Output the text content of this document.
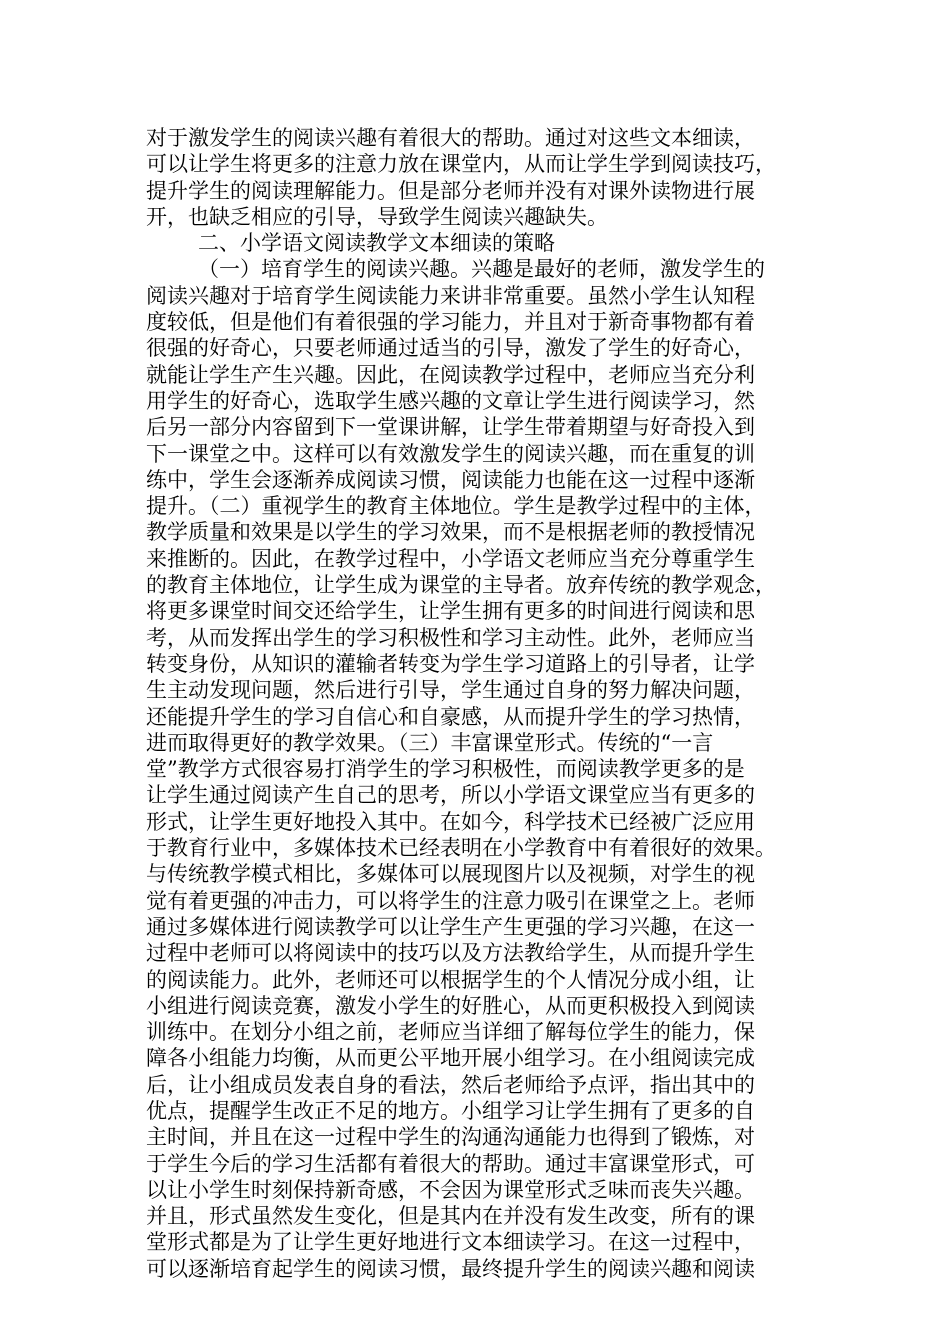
对于激发学生的阅读兴趣有着很大的帮助。通过对这些文本细读，
可以让学生将更多的注意力放在课堂内，从而让学生学到阅读技巧，
提升学生的阅读理解能力。但是部分老师并没有对课外读物进行展
开，也缺乏相应的引导，导致学生阅读兴趣缺失。
二、小学语文阅读教学文本细读的策略
（一）培育学生的阅读兴趣。兴趣是最好的老师，激发学生的
阅读兴趣对于培育学生阅读能力来讲非常重要。虽然小学生认知程
度较低，但是他们有着很强的学习能力，并且对于新奇事物都有着
很强的好奇心，只要老师通过适当的引导，激发了学生的好奇心，
就能让学生产生兴趣。因此，在阅读教学过程中，老师应当充分利
用学生的好奇心，选取学生感兴趣的文章让学生进行阅读学习，然
后另一部分内容留到下一堂课讲解，让学生带着期望与好奇投入到
下一课堂之中。这样可以有效激发学生的阅读兴趣，而在重复的训
练中，学生会逐渐养成阅读习惯，阅读能力也能在这一过程中逐渐
提升。（二）重视学生的教育主体地位。学生是教学过程中的主体，
教学质量和效果是以学生的学习效果，而不是根据老师的教授情况
来推断的。因此，在教学过程中，小学语文老师应当充分尊重学生
的教育主体地位，让学生成为课堂的主导者。放弃传统的教学观念，
将更多课堂时间交还给学生，让学生拥有更多的时间进行阅读和思
考，从而发挥出学生的学习积极性和学习主动性。此外，老师应当
转变身份，从知识的灌输者转变为学生学习道路上的引导者，让学
生主动发现问题，然后进行引导，学生通过自身的努力解决问题，
还能提升学生的学习自信心和自豪感，从而提升学生的学习热情，
进而取得更好的教学效果。（三）丰富课堂形式。传统的“一言
堂”教学方式很容易打消学生的学习积极性，而阅读教学更多的是
让学生通过阅读产生自己的思考，所以小学语文课堂应当有更多的
形式，让学生更好地投入其中。在如今，科学技术已经被广泛应用
于教育行业中，多媒体技术已经表明在小学教育中有着很好的效果。
与传统教学模式相比，多媒体可以展现图片以及视频，对学生的视
觉有着更强的冲击力，可以将学生的注意力吸引在课堂之上。老师
通过多媒体进行阅读教学可以让学生产生更强的学习兴趣，在这一
过程中老师可以将阅读中的技巧以及方法教给学生，从而提升学生
的阅读能力。此外，老师还可以根据学生的个人情况分成小组，让
小组进行阅读竞赛，激发小学生的好胜心，从而更积极投入到阅读
训练中。在划分小组之前，老师应当详细了解每位学生的能力，保
障各小组能力均衡，从而更公平地开展小组学习。在小组阅读完成
后，让小组成员发表自身的看法，然后老师给予点评，指出其中的
优点，提醒学生改正不足的地方。小组学习让学生拥有了更多的自
主时间，并且在这一过程中学生的沟通沟通能力也得到了锻炼，对
于学生今后的学习生活都有着很大的帮助。通过丰富课堂形式，可
以让小学生时刻保持新奇感，不会因为课堂形式乏味而丧失兴趣。
并且，形式虽然发生变化，但是其内在并没有发生改变，所有的课
堂形式都是为了让学生更好地进行文本细读学习。在这一过程中，
可以逐渐培育起学生的阅读习惯，最终提升学生的阅读兴趣和阅读
